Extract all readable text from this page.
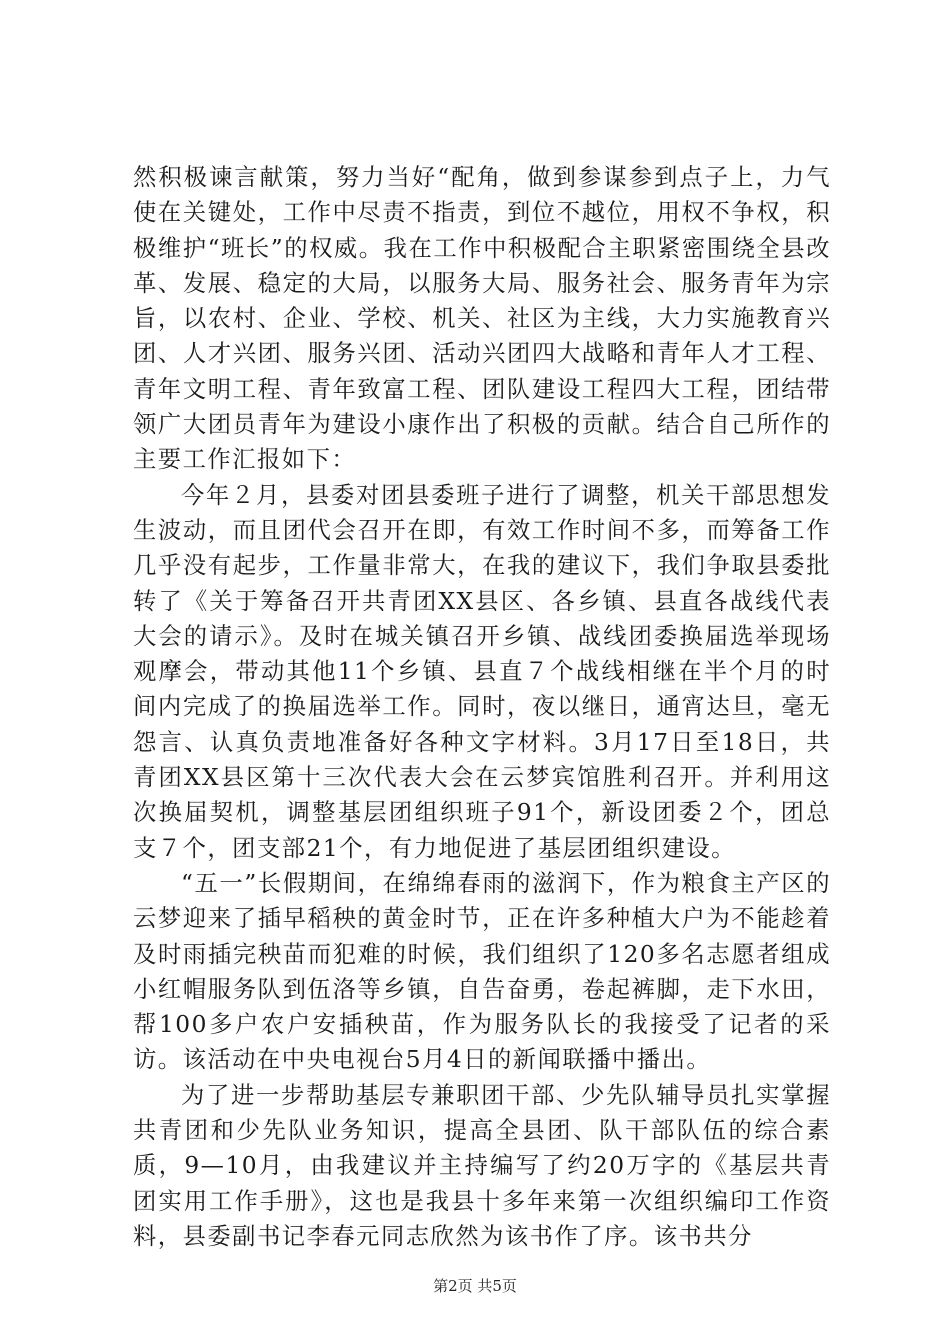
然积极谏言献策，努力当好“配角，做到参谋参到点子上，力气使在关键处，工作中尽责不指责，到位不越位，用权不争权，积极维护“班长”的权威。我在工作中积极配合主职紧密围绕全县改革、发展、稳定的大局，以服务大局、服务社会、服务青年为宗旨，以农村、企业、学校、机关、社区为主线，大力实施教育兴团、人才兴团、服务兴团、活动兴团四大战略和青年人才工程、青年文明工程、青年致富工程、团队建设工程四大工程，团结带领广大团员青年为建设小康作出了积极的贡献。结合自己所作的主要工作汇报如下：

今年２月，县委对团县委班子进行了调整，机关干部思想发生波动，而且团代会召开在即，有效工作时间不多，而筹备工作几乎没有起步，工作量非常大，在我的建议下，我们争取县委批转了《关于筹备召开共青团XX县区、各乡镇、县直各战线代表大会的请示》。及时在城关镇召开乡镇、战线团委换届选举现场观摩会，带动其他11个乡镇、县直７个战线相继在半个月的时间内完成了的换届选举工作。同时，夜以继日，通宵达旦，毫无怨言、认真负责地准备好各种文字材料。3月17日至18日，共青团XX县区第十三次代表大会在云梦宾馆胜利召开。并利用这次换届契机，调整基层团组织班子91个，新设团委２个，团总支７个，团支部21个，有力地促进了基层团组织建设。

“五一”长假期间，在绵绵春雨的滋润下，作为粮食主产区的云梦迎来了插早稻秧的黄金时节，正在许多种植大户为不能趁着及时雨插完秧苗而犯难的时候，我们组织了120多名志愿者组成小红帽服务队到伍洛等乡镇，自告奋勇，卷起裤脚，走下水田，帮100多户农户安插秧苗，作为服务队长的我接受了记者的采访。该活动在中央电视台5月4日的新闻联播中播出。

为了进一步帮助基层专兼职团干部、少先队辅导员扎实掌握共青团和少先队业务知识，提高全县团、队干部队伍的综合素质，9—10月，由我建议并主持编写了约20万字的《基层共青团实用工作手册》，这也是我县十多年来第一次组织编印工作资料，县委副书记李春元同志欣然为该书作了序。该书共分

第2页 共5页
